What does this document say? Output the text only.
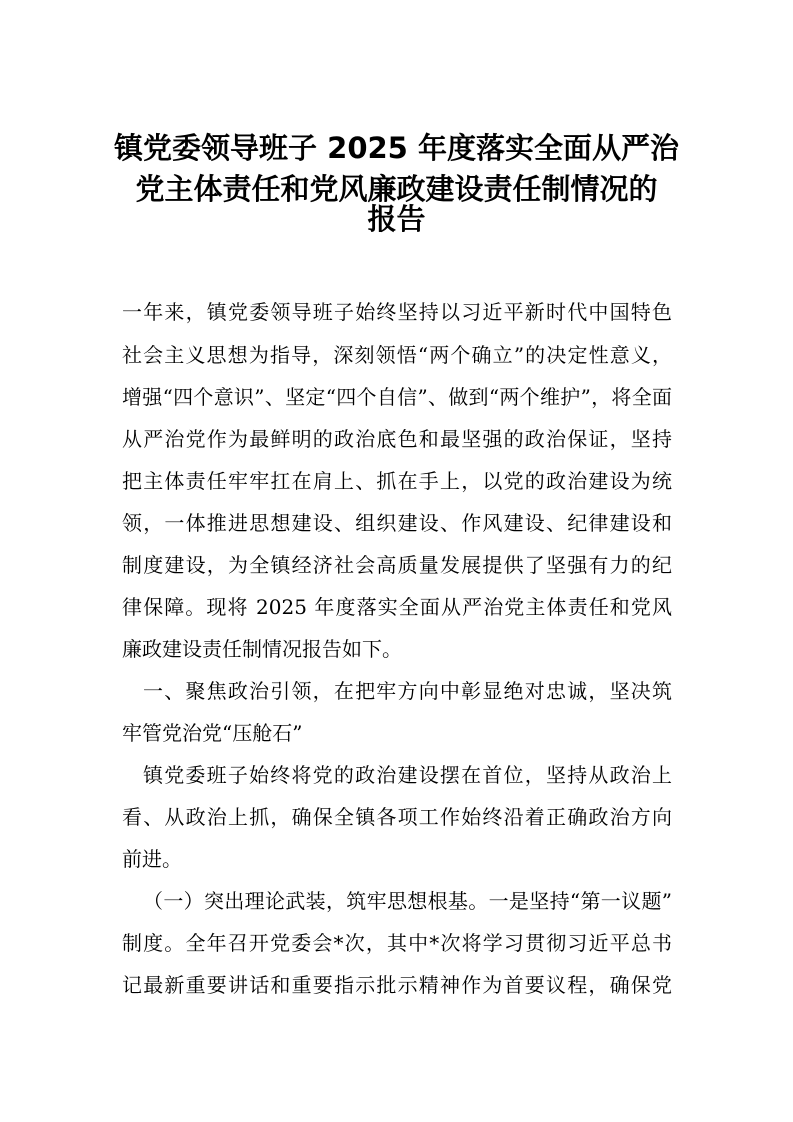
镇党委领导班子 2025 年度落实全面从严治
党主体责任和党风廉政建设责任制情况的
报告
一年来，镇党委领导班子始终坚持以习近平新时代中国特色
社会主义思想为指导，深刻领悟“两个确立”的决定性意义，
增强“四个意识”、坚定“四个自信”、做到“两个维护”，将全面
从严治党作为最鲜明的政治底色和最坚强的政治保证，坚持
把主体责任牢牢扛在肩上、抓在手上，以党的政治建设为统
领，一体推进思想建设、组织建设、作风建设、纪律建设和
制度建设，为全镇经济社会高质量发展提供了坚强有力的纪
律保障。现将 2025 年度落实全面从严治党主体责任和党风
廉政建设责任制情况报告如下。
一、聚焦政治引领，在把牢方向中彰显绝对忠诚，坚决筑
牢管党治党“压舱石”
镇党委班子始终将党的政治建设摆在首位，坚持从政治上
看、从政治上抓，确保全镇各项工作始终沿着正确政治方向
前进。
（一）突出理论武装，筑牢思想根基。一是坚持“第一议题”
制度。全年召开党委会*次，其中*次将学习贯彻习近平总书
记最新重要讲话和重要指示批示精神作为首要议程，确保党
